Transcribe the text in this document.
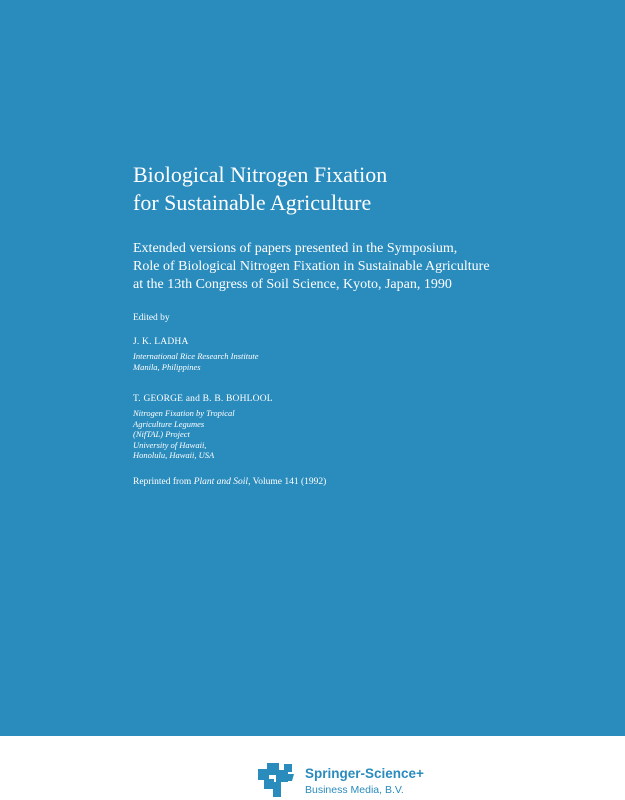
Biological Nitrogen Fixation
for Sustainable Agriculture
Extended versions of papers presented in the Symposium,
Role of Biological Nitrogen Fixation in Sustainable Agriculture
at the 13th Congress of Soil Science, Kyoto, Japan, 1990
Edited by
J. K. LADHA
International Rice Research Institute
Manila, Philippines
T. GEORGE and B. B. BOHLOOL
Nitrogen Fixation by Tropical
Agriculture Legumes
(NifTAL) Project
University of Hawaii,
Honolulu, Hawaii, USA
Reprinted from Plant and Soil, Volume 141 (1992)
Springer-Science+
Business Media, B.V.
